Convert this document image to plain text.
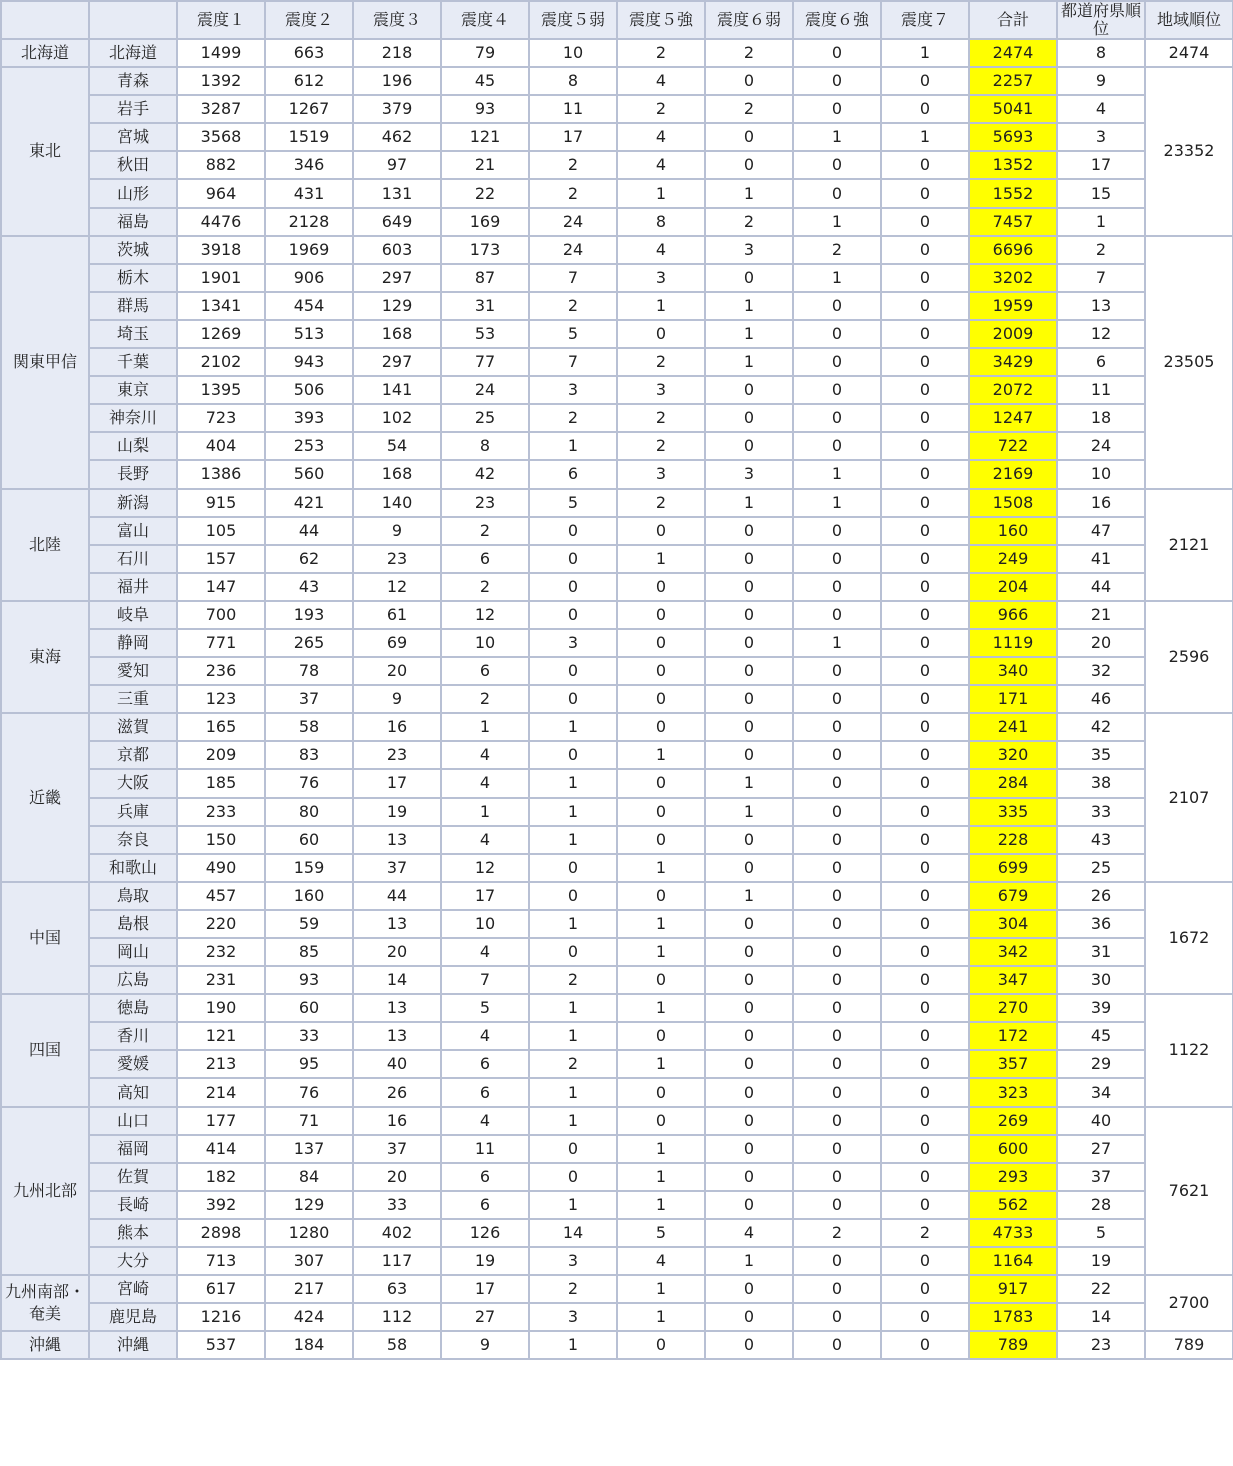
		震度１	震度２	震度３	震度４	震度５弱	震度５強	震度６弱	震度６強	震度７	合計	都道府県順位	地域順位
北海道	北海道	1499	663	218	79	10	2	2	0	1	2474	8	2474
東北	青森	1392	612	196	45	8	4	0	0	0	2257	9	23352
	岩手	3287	1267	379	93	11	2	2	0	0	5041	4	
	宮城	3568	1519	462	121	17	4	0	1	1	5693	3	
	秋田	882	346	97	21	2	4	0	0	0	1352	17	
	山形	964	431	131	22	2	1	1	0	0	1552	15	
	福島	4476	2128	649	169	24	8	2	1	0	7457	1	
関東甲信	茨城	3918	1969	603	173	24	4	3	2	0	6696	2	23505
	栃木	1901	906	297	87	7	3	0	1	0	3202	7	
	群馬	1341	454	129	31	2	1	1	0	0	1959	13	
	埼玉	1269	513	168	53	5	0	1	0	0	2009	12	
	千葉	2102	943	297	77	7	2	1	0	0	3429	6	
	東京	1395	506	141	24	3	3	0	0	0	2072	11	
	神奈川	723	393	102	25	2	2	0	0	0	1247	18	
	山梨	404	253	54	8	1	2	0	0	0	722	24	
	長野	1386	560	168	42	6	3	3	1	0	2169	10	
北陸	新潟	915	421	140	23	5	2	1	1	0	1508	16	2121
	富山	105	44	9	2	0	0	0	0	0	160	47	
	石川	157	62	23	6	0	1	0	0	0	249	41	
	福井	147	43	12	2	0	0	0	0	0	204	44	
東海	岐阜	700	193	61	12	0	0	0	0	0	966	21	2596
	静岡	771	265	69	10	3	0	0	1	0	1119	20	
	愛知	236	78	20	6	0	0	0	0	0	340	32	
	三重	123	37	9	2	0	0	0	0	0	171	46	
近畿	滋賀	165	58	16	1	1	0	0	0	0	241	42	2107
	京都	209	83	23	4	0	1	0	0	0	320	35	
	大阪	185	76	17	4	1	0	1	0	0	284	38	
	兵庫	233	80	19	1	1	0	1	0	0	335	33	
	奈良	150	60	13	4	1	0	0	0	0	228	43	
	和歌山	490	159	37	12	0	1	0	0	0	699	25	
中国	鳥取	457	160	44	17	0	0	1	0	0	679	26	1672
	島根	220	59	13	10	1	1	0	0	0	304	36	
	岡山	232	85	20	4	0	1	0	0	0	342	31	
	広島	231	93	14	7	2	0	0	0	0	347	30	
四国	徳島	190	60	13	5	1	1	0	0	0	270	39	1122
	香川	121	33	13	4	1	0	0	0	0	172	45	
	愛媛	213	95	40	6	2	1	0	0	0	357	29	
	高知	214	76	26	6	1	0	0	0	0	323	34	
九州北部	山口	177	71	16	4	1	0	0	0	0	269	40	7621
	福岡	414	137	37	11	0	1	0	0	0	600	27	
	佐賀	182	84	20	6	0	1	0	0	0	293	37	
	長崎	392	129	33	6	1	1	0	0	0	562	28	
	熊本	2898	1280	402	126	14	5	4	2	2	4733	5	
	大分	713	307	117	19	3	4	1	0	0	1164	19	
九州南部・奄美	宮崎	617	217	63	17	2	1	0	0	0	917	22	2700
	鹿児島	1216	424	112	27	3	1	0	0	0	1783	14	
沖縄	沖縄	537	184	58	9	1	0	0	0	0	789	23	789
